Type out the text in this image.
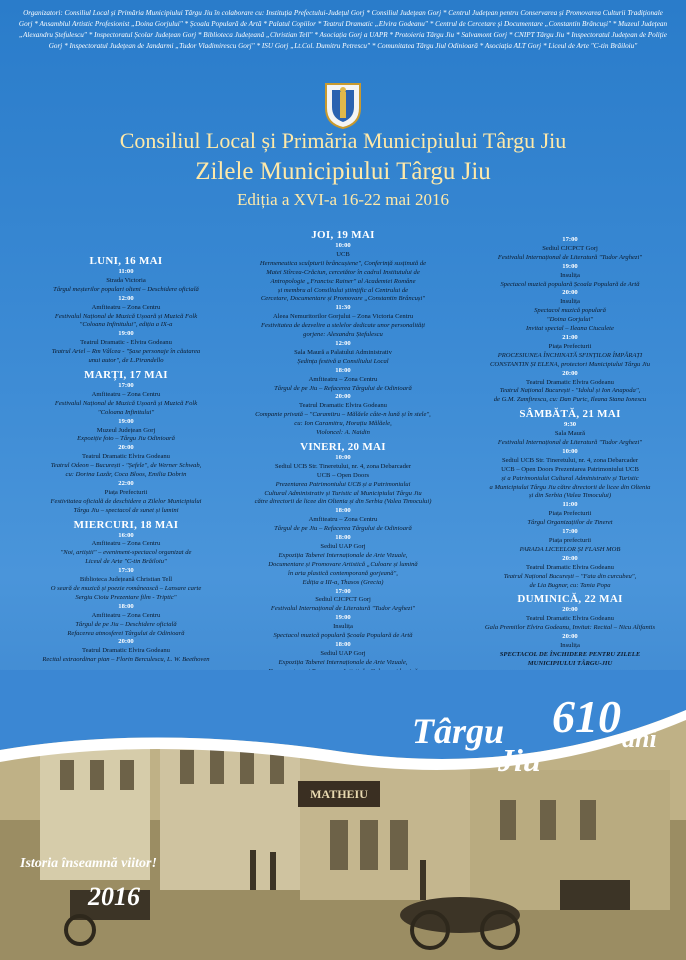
Organizatori: Consiliul Local și Primăria Municipiului Târgu Jiu în colaborare cu: Instituția Prefectului-Județul Gorj * Consiliul Județean Gorj * Centrul Județean pentru Conservarea și Promovarea Culturii Tradiționale Gorj * Ansamblul Artistic Profesionist „Doina Gorjului" * Școala Populară de Artă * Palatul Copiilor * Teatrul Dramatic „Elvira Godeanu" * Centrul de Cercetare și Documentare „Constantin Brâncuși" * Muzeul Județean „Alexandru Ștefulescu" * Inspectoratul Școlar Județean Gorj * Biblioteca Județeană „Christian Tell" * Asociația Gorj a UAPR * Protoieria Târgu Jiu * Salvamont Gorj * CNIPT Târgu Jiu * Inspectoratul Județean de Poliție Gorj * Inspectoratul Județean de Jandarmi „Tudor Vladimirescu Gorj" * ISU Gorj „Lt.Col. Dumitru Petrescu" * Comunitatea Târgu Jiul Odinioară * Asociația ALT Gorj * Liceul de Arte "C-tin Brăiloiu"
Consiliul Local și Primăria Municipiului Târgu Jiu
Zilele Municipiului Târgu Jiu
Ediția a XVI-a 16-22 mai 2016
LUNI, 16 MAI
11:00
Strada Victoria
Târgul meșterilor populari olteni – Deschidere oficială
12:00
Amfiteatru – Zona Centru
Festivalul Național de Muzică Ușoară și Muzică Folk
"Coloana Infinitului", ediția a IX-a
19:00
Teatrul Dramatic - Elvira Godeanu
Teatrul Ariel – Rm Vâlcea - "Șase personaje în căutarea
unui autor", de L.Pirandello
MARȚI, 17 MAI
17:00
Amfiteatru – Zona Centru
Festivalul Național de Muzică Ușoară și Muzică Folk
"Coloana Infinitului"
19:00
Muzeul Județean Gorj
Expoziție foto – Târgu Jiu Odinioară
20:00
Teatrul Dramatic Elvira Godeanu
Teatrul Odeon – București - "Șefele", de Werner Schwab,
cu: Dorina Lazăr, Coca Bloos, Emilia Dobrin
22:00
Piața Prefecturii
Festivitatea oficială de deschidere a Zilelor Municipiului
Târgu Jiu – spectacol de sunet și lumini
MIERCURI, 18 MAI
16:00
Amfiteatru – Zona Centru
"Noi, artiștii" – eveniment-spectacol organizat de
Liceul de Arte "C-tin Brăiloiu"
17:30
Biblioteca Județeană Christian Tell
O seară de muzică și poezie românească – Lansare carte
Sergiu Cioiu Prezentare film - Triptic"
18:00
Amfiteatru – Zona Centru
Târgul de pe Jiu – Deschidere oficială
Refacerea atmosferei Târgului de Odinioară
20:00
Teatrul Dramatic Elvira Godeanu
Recital extraordinar pian – Florin Berculescu, L. W. Beethoven
JOI, 19 MAI
10:00
UCB
Hermeneutica sculpturii brâncușiene", Conferință susținută de
Matei Stîrcea-Crăciun, cercetător în cadrul Institutului de
Antropologie „Francisc Rainer" al Academiei Române
și membru al Consiliului științific al Centrului de
Cercetare, Documentare și Promovare „Constantin Brâncuși"
11:30
Aleea Nemuritorilor Gorjului – Zona Victoria Centru
Festivitatea de dezvelire a stelelor dedicate unor personalități
gorjene: Alexandru Ștefulescu
12:00
Sala Maură a Palatului Administrativ
Ședința festivă a Consiliului Local
18:00
Amfiteatru – Zona Centru
Târgul de pe Jiu – Refacerea Târgului de Odinioară
20:00
Teatrul Dramatic Elvira Godeanu
Companie privată – "Caramitru – Mălăele câte-n lună și în stele",
cu: Ion Caramitru, Horațiu Mălăele,
Violoncel: A. Naidin
VINERI, 20 MAI
10:00
Sediul UCB Str. Tineretului, nr. 4, zona Debarcader
UCB – Open Doors
Prezentarea Patrimoniului UCB și a Patrimoniului
Cultural Administrativ și Turistic al Municipiului Târgu Jiu
către directorii de licee din Oltenia și din Serbia (Valea Timocului)
18:00
Amfiteatru – Zona Centru
Târgul de pe Jiu – Refacerea Târgului de Odinioară
18:00
Sediul UAP Gorj
Expoziția Taberei Internaționale de Arte Vizuale,
Documentare și Promovare Artistică „Culoare și lumină
în arta plastică contemporană gorjeană",
Ediția a III-a, Thasos (Grecia)
17:00
Sediul CJCPCT Gorj
Festivalul Internațional de Literatură "Tudor Arghezi"
19:00
Insulița
Spectacol muzică populară Școala Populară de Artă
18:00
Sediul UAP Gorj
Expoziția Taberei Internaționale de Arte Vizuale,
17:00
Sediul CJCPCT Gorj
Festivalul Internațional de Literatură "Tudor Arghezi"
19:00
Insulița
Spectacol muzică populară Școala Populară de Artă
20:00
Insulița
Spectacol muzică populară
"Doina Gorjului"
Invitat special – Ileana Ciuculete
21:00
Piața Prefecturii
PROCESIUNEA ÎNCHINATĂ SFINȚILOR ÎMPĂRAȚI
CONSTANTIN ȘI ELENA, protectori Municipiului Târgu Jiu
20:00
Teatrul Dramatic Elvira Godeanu
Teatrul Național București - "Idolul și Ion Anapoda",
de G.M. Zamfirescu, cu: Dan Puric, Ileana Stana Ionescu
SÂMBĂTĂ, 21 MAI
9:30
Sala Maură
Festivalul Internațional de Literatură "Tudor Arghezi"
10:00
Sediul UCB Str. Tineretului, nr. 4, zona Debarcader
UCB – Open Doors Prezentarea Patrimoniului UCB
și a Patrimoniului Cultural Administrativ și Turistic
a Municipiului Târgu Jiu către directorii de licee din Oltenia
și din Serbia (Valea Timocului)
11:00
Piața Prefecturii
Târgul Organizațiilor de Tineret
17:00
Piața prefecturii
PARADA LICEELOR ȘI FLASH MOB
20:00
Teatrul Dramatic Elvira Godeanu
Teatrul Național București – "Fata din curcubeu",
de Lia Bugnar, cu: Tania Popa
DUMINICĂ, 22 MAI
20:00
Teatrul Dramatic Elvira Godeanu
Gala Premiilor Elvira Godeanu, Invitat: Recital – Nicu Alifantis
20:00
Insulița
SPECTACOL DE ÎNCHIDERE PENTRU ZILELE
MUNICIPIULUI TÂRGU-JIU
MATHEIU
Târgu
Jiu
610 ani
Istoria înseamnă viitor!
2016
